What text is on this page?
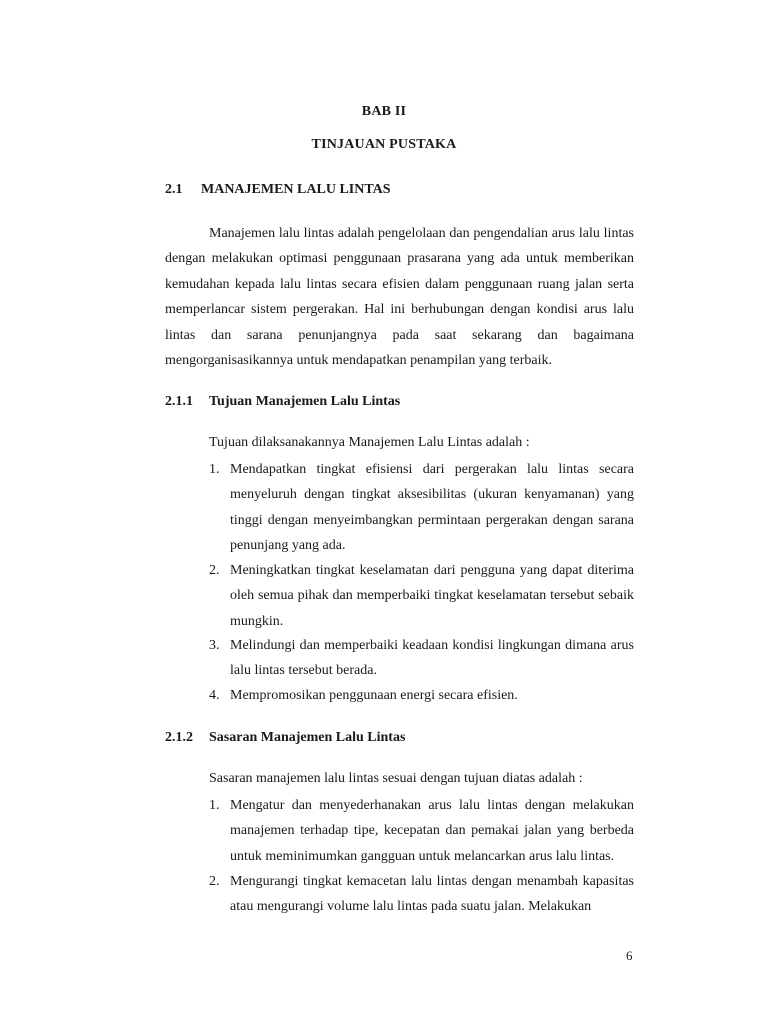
BAB II
TINJAUAN PUSTAKA
2.1 MANAJEMEN LALU LINTAS

Manajemen lalu lintas adalah pengelolaan dan pengendalian arus lalu lintas dengan melakukan optimasi penggunaan prasarana yang ada untuk memberikan kemudahan kepada lalu lintas secara efisien dalam penggunaan ruang jalan serta memperlancar sistem pergerakan. Hal ini berhubungan dengan kondisi arus lalu lintas dan sarana penunjangnya pada saat sekarang dan bagaimana mengorganisasikannya untuk mendapatkan penampilan yang terbaik.

2.1.1 Tujuan Manajemen Lalu Lintas
Tujuan dilaksanakannya Manajemen Lalu Lintas adalah :
1. Mendapatkan tingkat efisiensi dari pergerakan lalu lintas secara menyeluruh dengan tingkat aksesibilitas (ukuran kenyamanan) yang tinggi dengan menyeimbangkan permintaan pergerakan dengan sarana penunjang yang ada.
2. Meningkatkan tingkat keselamatan dari pengguna yang dapat diterima oleh semua pihak dan memperbaiki tingkat keselamatan tersebut sebaik mungkin.
3. Melindungi dan memperbaiki keadaan kondisi lingkungan dimana arus lalu lintas tersebut berada.
4. Mempromosikan penggunaan energi secara efisien.
2.1.2 Sasaran Manajemen Lalu Lintas
Sasaran manajemen lalu lintas sesuai dengan tujuan diatas adalah :
1. Mengatur dan menyederhanakan arus lalu lintas dengan melakukan manajemen terhadap tipe, kecepatan dan pemakai jalan yang berbeda untuk meminimumkan gangguan untuk melancarkan arus lalu lintas.
2. Mengurangi tingkat kemacetan lalu lintas dengan menambah kapasitas atau mengurangi volume lalu lintas pada suatu jalan. Melakukan
6
